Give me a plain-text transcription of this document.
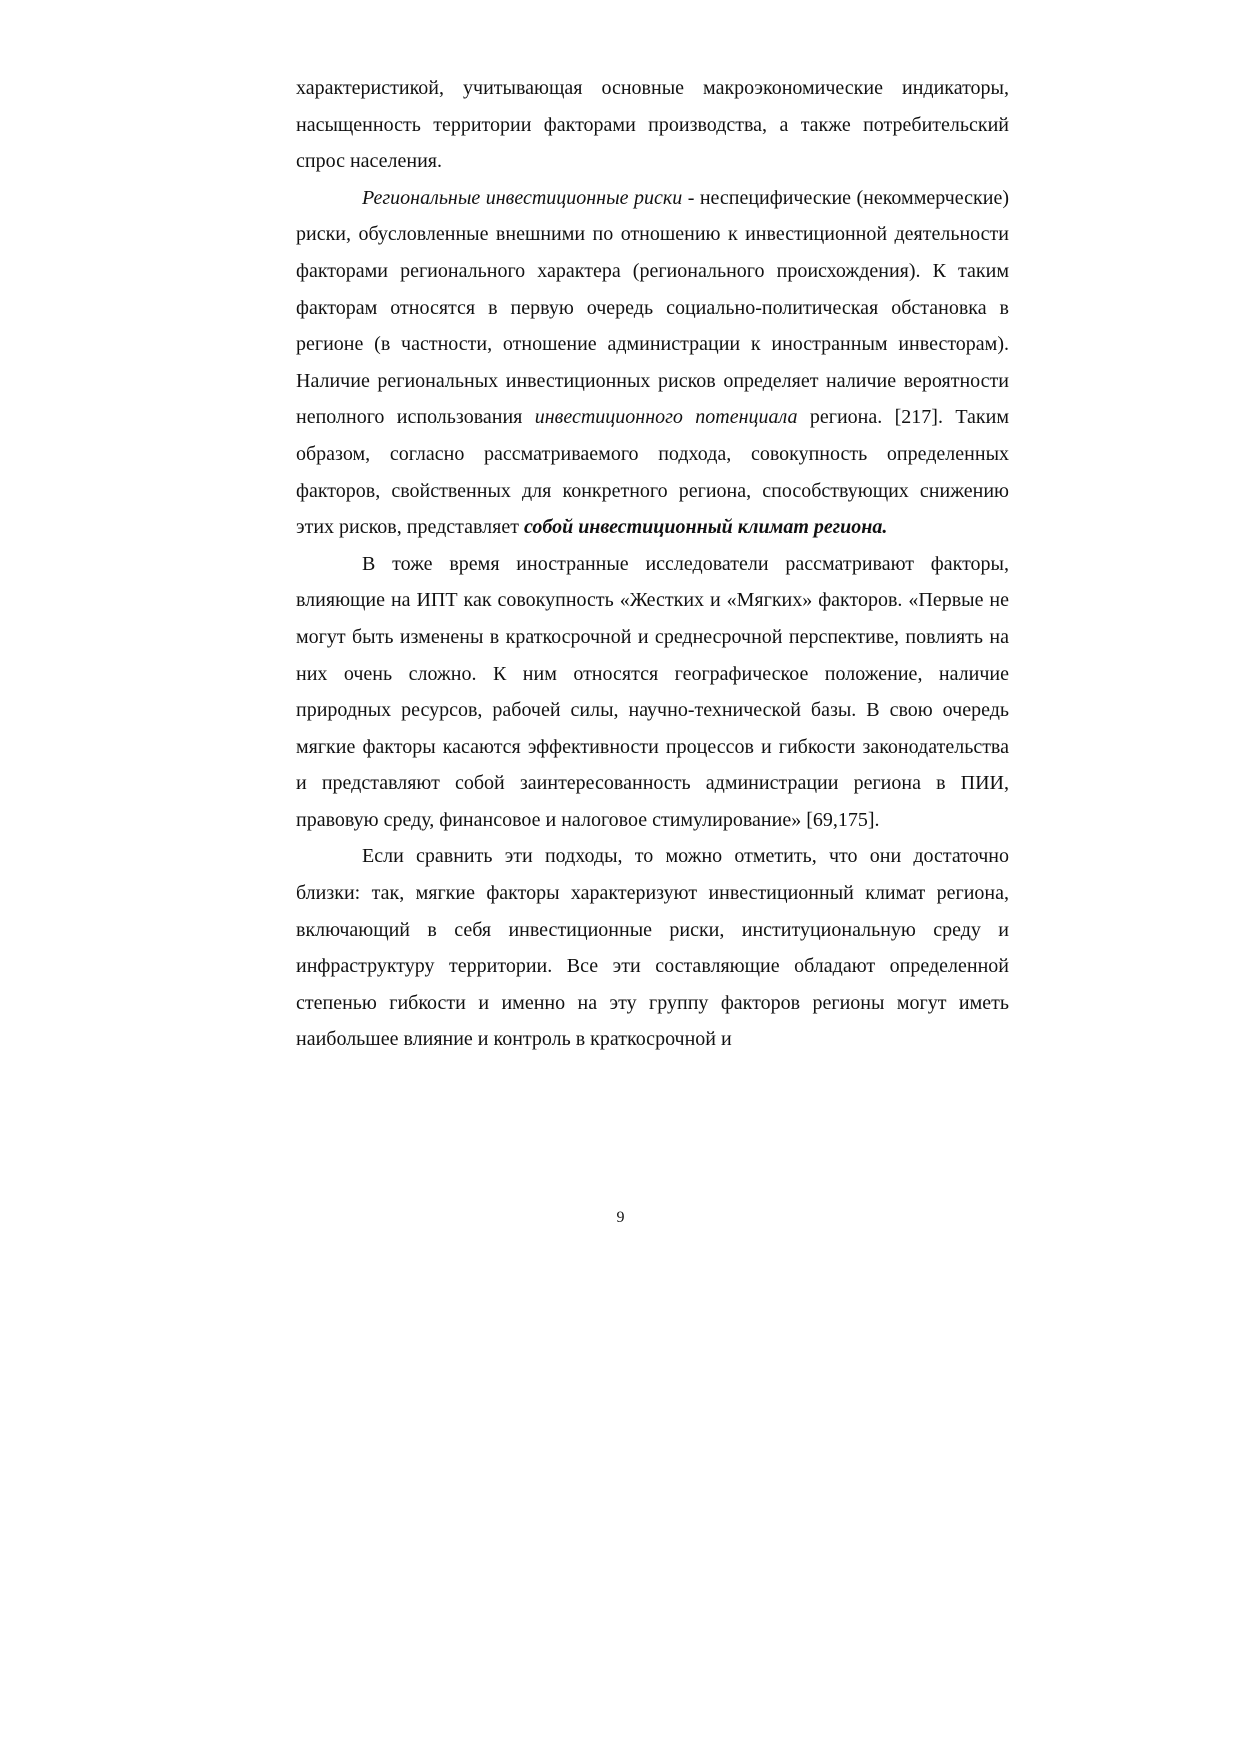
характеристикой, учитывающая основные макроэкономические индикаторы, насыщенность территории факторами производства, а также потребительский спрос населения.

Региональные инвестиционные риски - неспецифические (некоммерческие) риски, обусловленные внешними по отношению к инвестиционной деятельности факторами регионального характера (регионального происхождения). К таким факторам относятся в первую очередь социально-политическая обстановка в регионе (в частности, отношение администрации к иностранным инвесторам). Наличие региональных инвестиционных рисков определяет наличие вероятности неполного использования инвестиционного потенциала региона. [217]. Таким образом, согласно рассматриваемого подхода, совокупность определенных факторов, свойственных для конкретного региона, способствующих снижению этих рисков, представляет собой инвестиционный климат региона.

В тоже время иностранные исследователи рассматривают факторы, влияющие на ИПТ как совокупность «Жестких и «Мягких» факторов. «Первые не могут быть изменены в краткосрочной и среднесрочной перспективе, повлиять на них очень сложно. К ним относятся географическое положение, наличие природных ресурсов, рабочей силы, научно-технической базы. В свою очередь мягкие факторы касаются эффективности процессов и гибкости законодательства и представляют собой заинтересованность администрации региона в ПИИ, правовую среду, финансовое и налоговое стимулирование» [69,175].

Если сравнить эти подходы, то можно отметить, что они достаточно близки: так, мягкие факторы характеризуют инвестиционный климат региона, включающий в себя инвестиционные риски, институциональную среду и инфраструктуру территории. Все эти составляющие обладают определенной степенью гибкости и именно на эту группу факторов регионы могут иметь наибольшее влияние и контроль в краткосрочной и

9
